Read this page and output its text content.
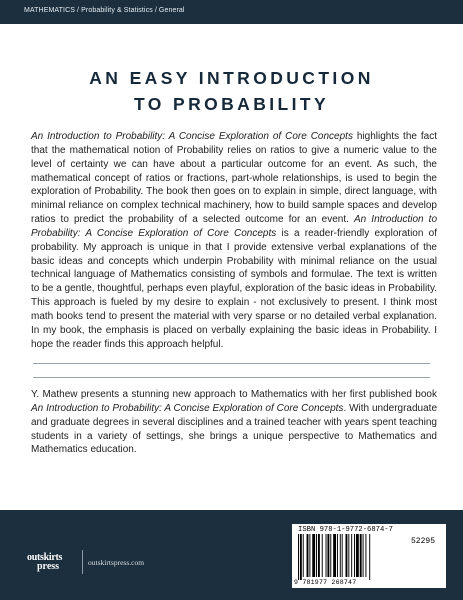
MATHEMATICS / Probability & Statistics / General
AN EASY INTRODUCTION
TO PROBABILITY

An Introduction to Probability: A Concise Exploration of Core Concepts highlights the fact that the mathematical notion of Probability relies on ratios to give a numeric value to the level of certainty we can have about a particular outcome for an event. As such, the mathematical concept of ratios or fractions, part-whole relationships, is used to begin the exploration of Probability. The book then goes on to explain in simple, direct language, with minimal reliance on complex technical machinery, how to build sample spaces and develop ratios to predict the probability of a selected outcome for an event. An Introduction to Probability: A Concise Exploration of Core Concepts is a reader-friendly exploration of probability. My approach is unique in that I provide extensive verbal explanations of the basic ideas and concepts which underpin Probability with minimal reliance on the usual technical language of Mathematics consisting of symbols and formulae. The text is written to be a gentle, thoughtful, perhaps even playful, exploration of the basic ideas in Probability. This approach is fueled by my desire to explain - not exclusively to present. I think most math books tend to present the material with very sparse or no detailed verbal explanation. In my book, the emphasis is placed on verbally explaining the basic ideas in Probability. I hope the reader finds this approach helpful.

Y. Mathew presents a stunning new approach to Mathematics with her first published book An Introduction to Probability: A Concise Exploration of Core Concepts. With undergraduate and graduate degrees in several disciplines and a trained teacher with years spent teaching students in a variety of settings, she brings a unique perspective to Mathematics and Mathematics education.

outskirts
press	outskirtspress.com
ISBN 978-1-9772-6874-7
52295
9 781977 268747
